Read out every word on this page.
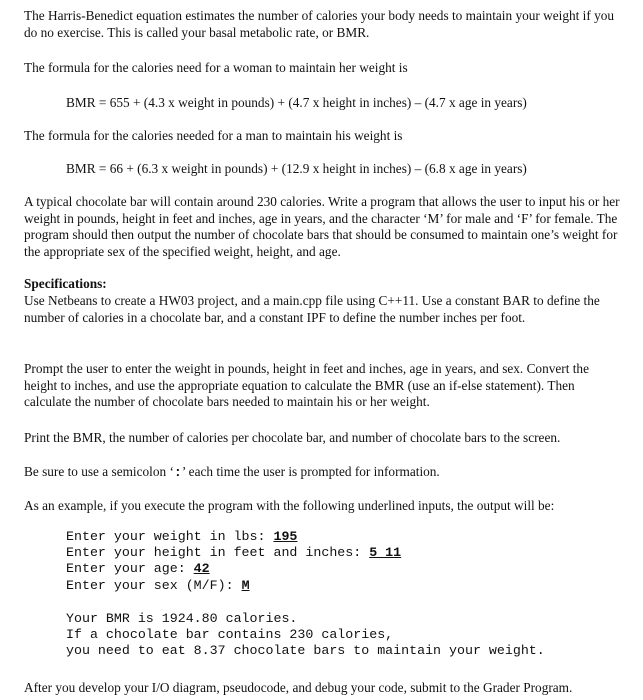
The Harris-Benedict equation estimates the number of calories your body needs to maintain your weight if you do no exercise. This is called your basal metabolic rate, or BMR.

The formula for the calories need for a woman to maintain her weight is

BMR = 655 + (4.3 x weight in pounds) + (4.7 x height in inches) – (4.7 x age in years)

The formula for the calories needed for a man to maintain his weight is

BMR = 66 + (6.3 x weight in pounds) + (12.9 x height in inches) – (6.8 x age in years)

A typical chocolate bar will contain around 230 calories. Write a program that allows the user to input his or her weight in pounds, height in feet and inches, age in years, and the character ‘M’ for male and ‘F’ for female. The program should then output the number of chocolate bars that should be consumed to maintain one’s weight for the appropriate sex of the specified weight, height, and age.

Specifications:

Use Netbeans to create a HW03 project, and a main.cpp file using C++11. Use a constant BAR to define the number of calories in a chocolate bar, and a constant IPF to define the number inches per foot.

Prompt the user to enter the weight in pounds, height in feet and inches, age in years, and sex. Convert the height to inches, and use the appropriate equation to calculate the BMR (use an if-else statement). Then calculate the number of chocolate bars needed to maintain his or her weight.

Print the BMR, the number of calories per chocolate bar, and number of chocolate bars to the screen.

Be sure to use a semicolon ‘:’ each time the user is prompted for information.

As an example, if you execute the program with the following underlined inputs, the output will be:

Enter your weight in lbs: 195
Enter your height in feet and inches: 5 11
Enter your age: 42
Enter your sex (M/F): M
Your BMR is 1924.80 calories.
If a chocolate bar contains 230 calories,
you need to eat 8.37 chocolate bars to maintain your weight.

After you develop your I/O diagram, pseudocode, and debug your code, submit to the Grader Program.
